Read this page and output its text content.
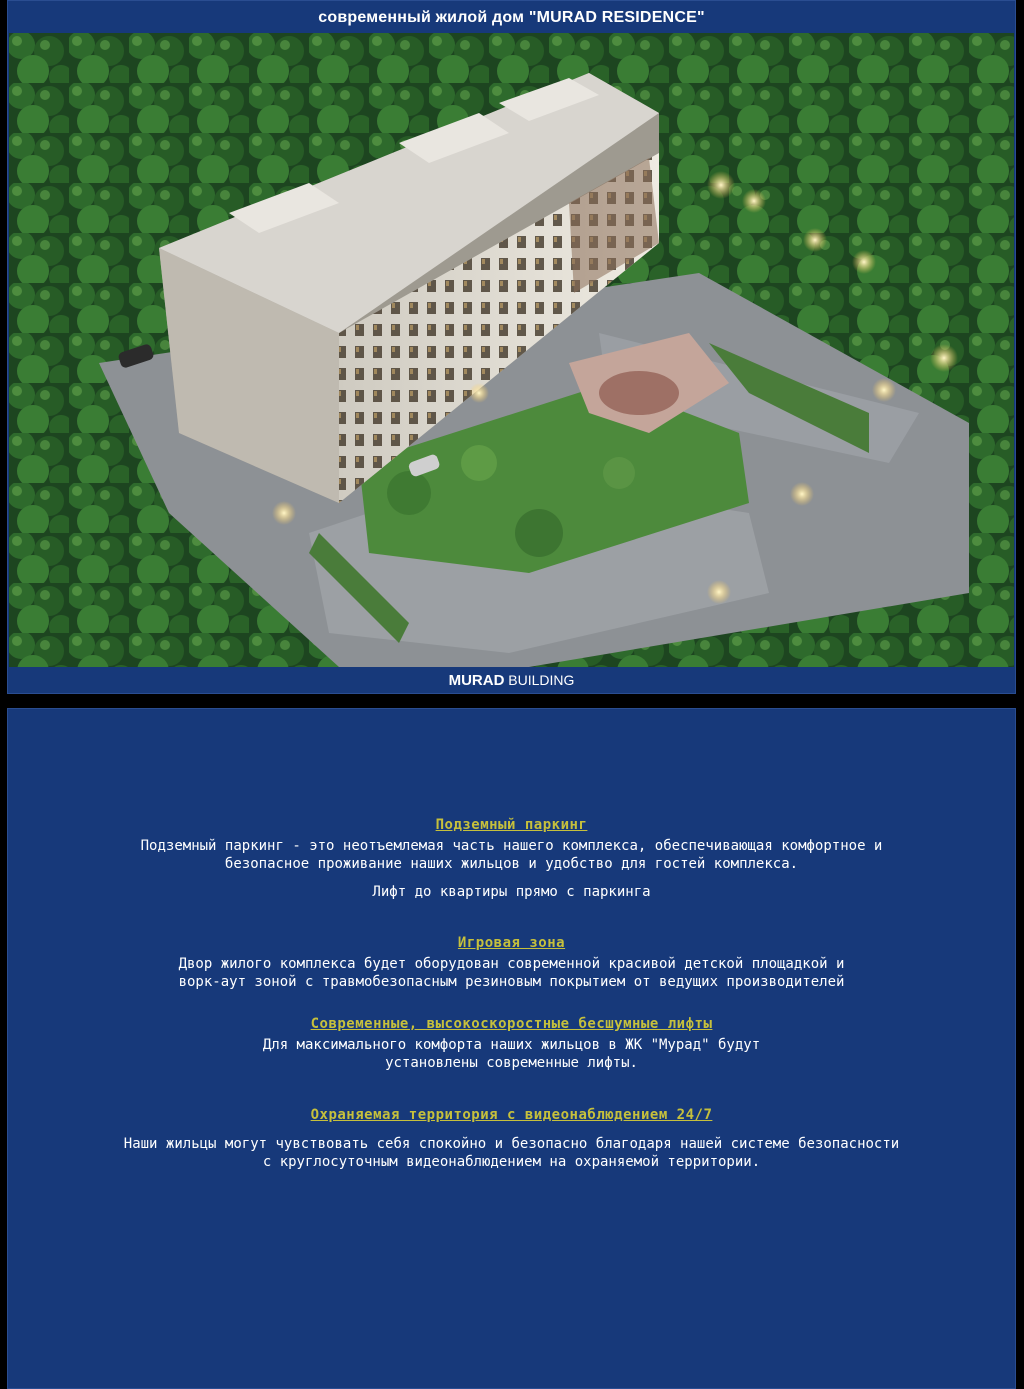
современный жилой дом "MURAD RESIDENCE"
MURAD BUILDING

Подземный паркинг

Подземный паркинг - это неотъемлемая часть нашего комплекса, обеспечивающая комфортное и

безопасное проживание наших жильцов и удобство для гостей комплекса.

Лифт до квартиры прямо с паркинга

Игровая зона

Двор жилого комплекса будет оборудован современной красивой детской площадкой и

ворк-аут зоной с травмобезопасным резиновым покрытием от ведущих производителей

Современные, высокоскоростные бесшумные лифты

Для максимального комфорта наших жильцов в ЖК "Мурад" будут

установлены современные лифты.

Охраняемая территория с видеонаблюдением 24/7

Наши жильцы могут чувствовать себя спокойно и безопасно благодаря нашей системе безопасности

с круглосуточным видеонаблюдением на охраняемой территории.
